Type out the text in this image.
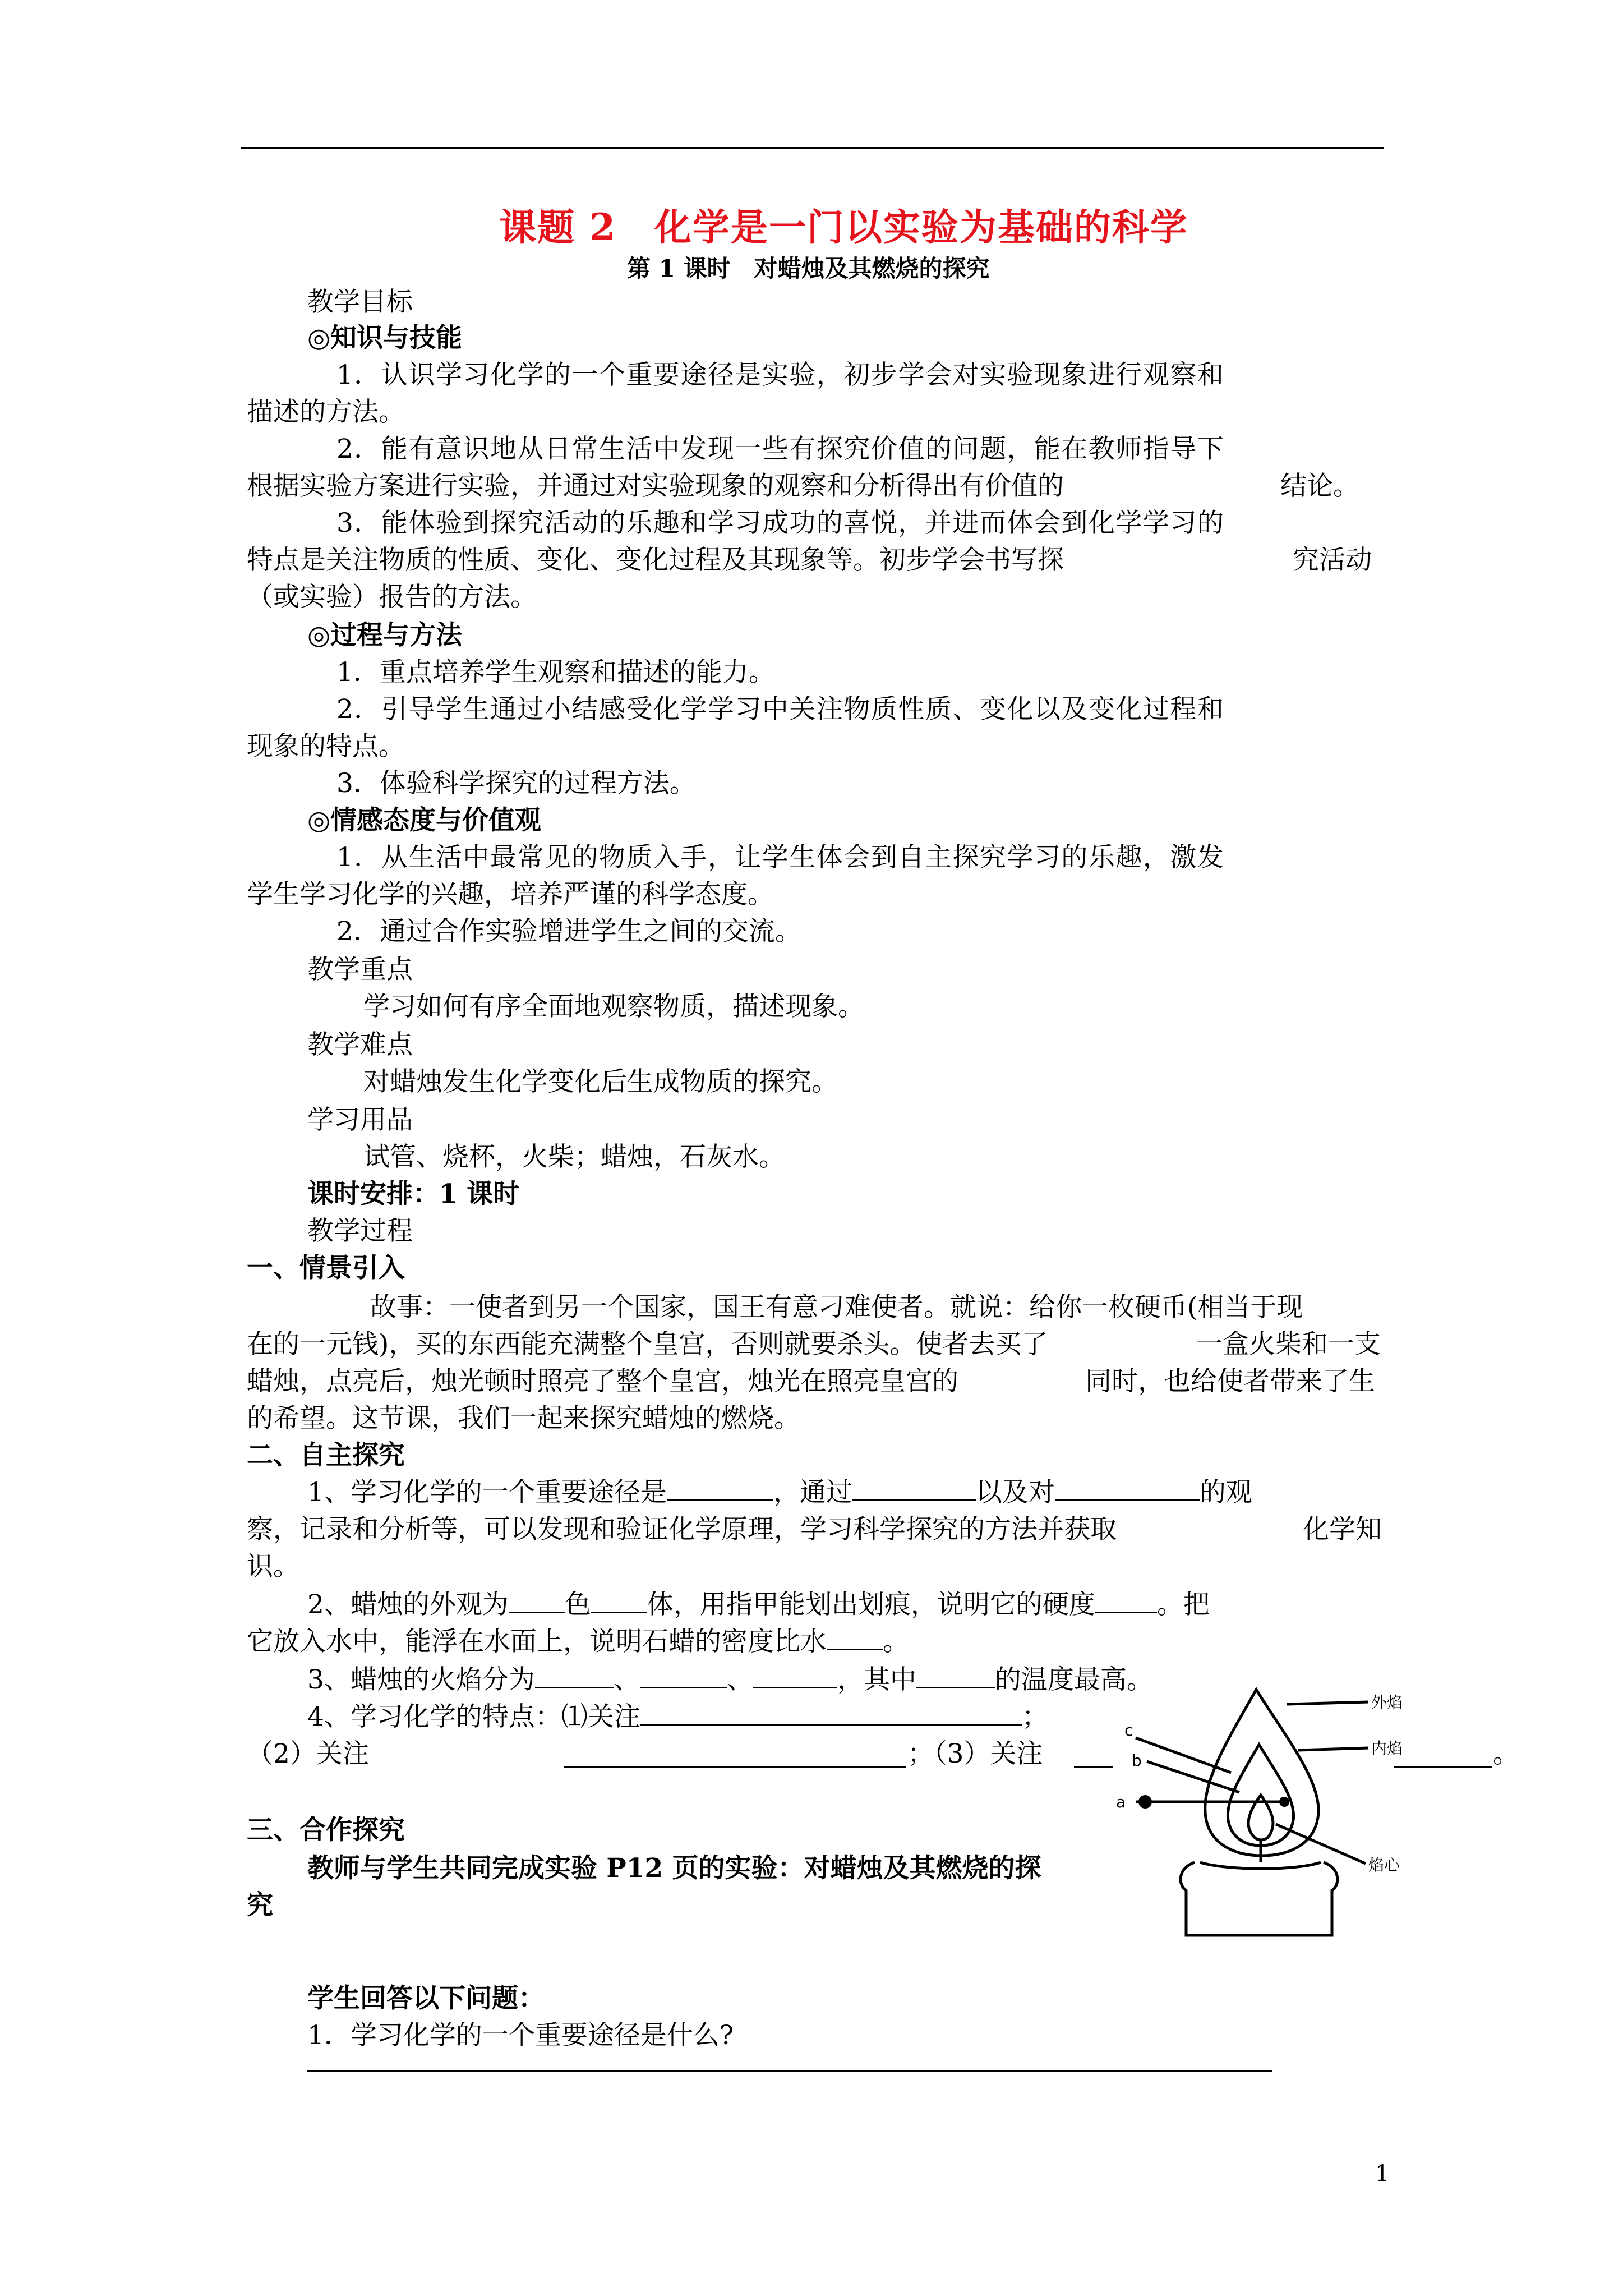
课题 2　化学是一门以实验为基础的科学
第 1 课时　对蜡烛及其燃烧的探究
教学目标
◎知识与技能
1．认识学习化学的一个重要途径是实验，初步学会对实验现象进行观察和
描述的方法。
2．能有意识地从日常生活中发现一些有探究价值的问题，能在教师指导下
根据实验方案进行实验，并通过对实验现象的观察和分析得出有价值的	结论。
3．能体验到探究活动的乐趣和学习成功的喜悦，并进而体会到化学学习的
特点是关注物质的性质、变化、变化过程及其现象等。初步学会书写探	究活动
（或实验）报告的方法。
◎过程与方法
1．重点培养学生观察和描述的能力。
2．引导学生通过小结感受化学学习中关注物质性质、变化以及变化过程和
现象的特点。
3．体验科学探究的过程方法。
◎情感态度与价值观
1．从生活中最常见的物质入手，让学生体会到自主探究学习的乐趣，激发
学生学习化学的兴趣，培养严谨的科学态度。
2．通过合作实验增进学生之间的交流。
教学重点
学习如何有序全面地观察物质，描述现象。
教学难点
对蜡烛发生化学变化后生成物质的探究。
学习用品
试管、烧杯，火柴；蜡烛，石灰水。
课时安排：1 课时
教学过程
一、情景引入
故事：一使者到另一个国家，国王有意刁难使者。就说：给你一枚硬币(相当于现
在的一元钱)，买的东西能充满整个皇宫，否则就要杀头。使者去买了	一盒火柴和一支
蜡烛，点亮后，烛光顿时照亮了整个皇宫，烛光在照亮皇宫的	同时，也给使者带来了生
的希望。这节课，我们一起来探究蜡烛的燃烧。
二、自主探究
1、学习化学的一个重要途径是	，通过	以及对	的观
察，记录和分析等，可以发现和验证化学原理，学习科学探究的方法并获取	化学知
识。
2、蜡烛的外观为 色 体，用指甲能划出划痕，说明它的硬度 。把
它放入水中，能浮在水面上，说明石蜡的密度比水 。
3、蜡烛的火焰分为	、	、	，其中	的温度最高。
4、学习化学的特点：⑴关注	；
（2）关注	；（3）关注	。
外焰
内焰
焰心
a
b
c
三、合作探究
教师与学生共同完成实验 P12 页的实验：对蜡烛及其燃烧的探
究
学生回答以下问题：
1．学习化学的一个重要途径是什么?
1
